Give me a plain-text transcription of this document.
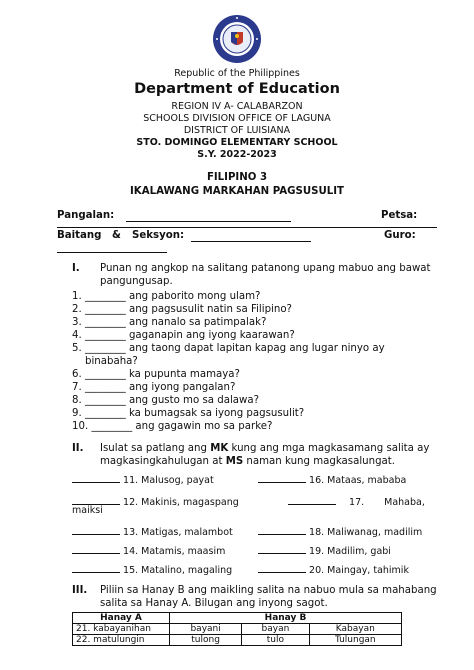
Republic of the Philippines
Department of Education
REGION IV A- CALABARZON
SCHOOLS DIVISION OFFICE OF LAGUNA
DISTRICT OF LUISIANA
STO. DOMINGO ELEMENTARY SCHOOL
S.Y. 2022-2023
FILIPINO 3
IKALAWANG MARKAHAN PAGSUSULIT
Pangalan:	Petsa:
Baitang & Seksyon:	Guro:
I. Punan ng angkop na salitang patanong upang mabuo ang bawat
pangungusap.
1. ________ ang paborito mong ulam?
2. ________ ang pagsusulit natin sa Filipino?
3. ________ ang nanalo sa patimpalak?
4. ________ gaganapin ang iyong kaarawan?
5. ________ ang taong dapat lapitan kapag ang lugar ninyo ay
binabaha?
6. ________ ka pupunta mamaya?
7. ________ ang iyong pangalan?
8. ________ ang gusto mo sa dalawa?
9. ________ ka bumagsak sa iyong pagsusulit?
10. ________ ang gagawin mo sa parke?
II. Isulat sa patlang ang MK kung ang mga magkasamang salita ay
magkasingkahulugan at MS naman kung magkasalungat.
11. Malusog, payat
12. Makinis, magaspang
maiksi
13. Matigas, malambot
14. Matamis, maasim
15. Matalino, magaling
16. Mataas, mababa
17. Mahaba,
18. Maliwanag, madilim
19. Madilim, gabi
20. Maingay, tahimik
III. Piliin sa Hanay B ang maikling salita na nabuo mula sa mahabang
salita sa Hanay A. Bilugan ang inyong sagot.
Hanay A	Hanay B		
21. kabayanihan	bayani	bayan	Kabayan
22. matulungin	tulong	tulo	Tulungan
